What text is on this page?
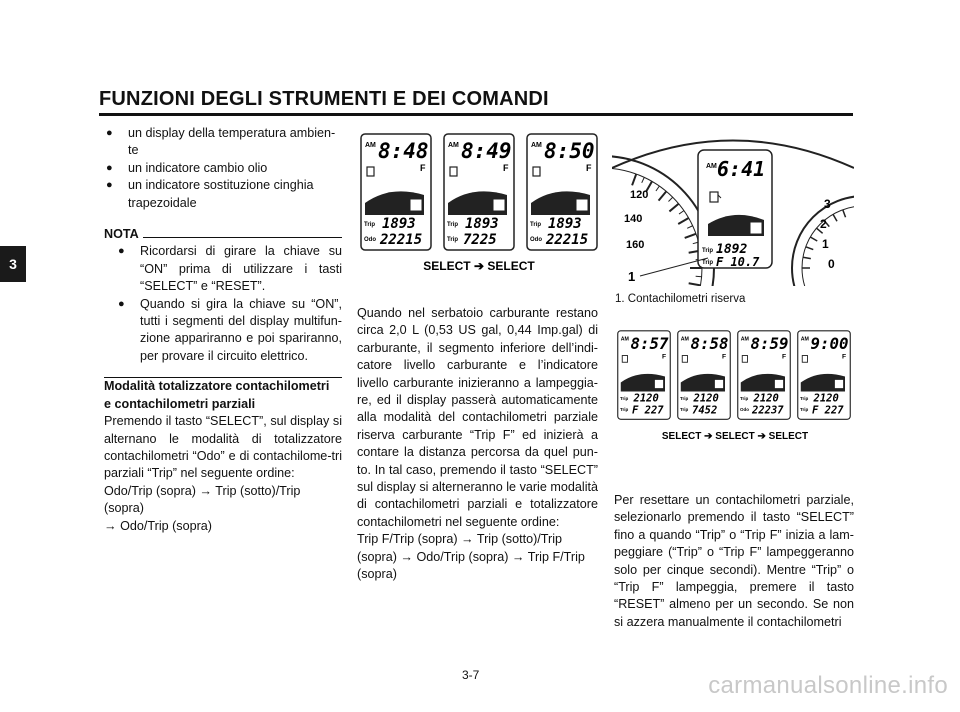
FUNZIONI DEGLI STRUMENTI E DEI COMANDI
3
● un display della temperatura ambien-te
● un indicatore cambio olio
● un indicatore sostituzione cinghia trapezoidale
NOTA
● Ricordarsi di girare la chiave su “ON” prima di utilizzare i tasti “SELECT” e “RESET”.
● Quando si gira la chiave su “ON”, tutti i segmenti del display multifun-zione appariranno e poi spariranno, per provare il circuito elettrico.

Modalità totalizzatore contachilometri

e contachilometri parziali

Premendo il tasto “SELECT”, sul display si alternano le modalità di totalizzatore contachilometri “Odo” e di contachilome-tri parziali “Trip” nel seguente ordine:

Odo/Trip (sopra) → Trip (sotto)/Trip (sopra)

→ Odo/Trip (sopra)

AM 8:48
F
Trip 1893
Odo 22215
AM 8:49
F
Trip 1893
Trip 7225
AM 8:50
F
Trip 1893
Odo 22215
SELECT ➔ SELECT

Quando nel serbatoio carburante restano circa 2,0 L (0,53 US gal, 0,44 Imp.gal) di carburante, il segmento inferiore dell’indi-catore livello carburante e l’indicatore livello carburante inizieranno a lampeggia-re, ed il display passerà automaticamente alla modalità del contachilometri parziale riserva carburante “Trip F” ed inizierà a contare la distanza percorsa da quel pun-to. In tal caso, premendo il tasto “SELECT” sul display si alterneranno le varie modalità di contachilometri parziali e totalizzatore contachilometri nel seguente ordine:

Trip F/Trip (sopra) → Trip (sotto)/Trip (sopra) → Odo/Trip (sopra) → Trip F/Trip (sopra)

120
140
160
3
2
1
0
AM 6:41
Trip 1892
Trip F 10.7
1
1. Contachilometri riserva
AM 8:57
F
Trip 2120
Trip F 227
AM 8:58
F
Trip 2120
Trip 7452
AM 8:59
F
Trip 2120
Odo 22237
AM 9:00
F
Trip 2120
Trip F 227
SELECT ➔ SELECT ➔ SELECT

Per resettare un contachilometri parziale, selezionarlo premendo il tasto “SELECT” fino a quando “Trip” o “Trip F” inizia a lam-peggiare (“Trip” o “Trip F” lampeggeranno solo per cinque secondi). Mentre “Trip” o “Trip F” lampeggia, premere il tasto “RESET” almeno per un secondo. Se non si azzera manualmente il contachilometri

3-7	carmanualsonline.info
